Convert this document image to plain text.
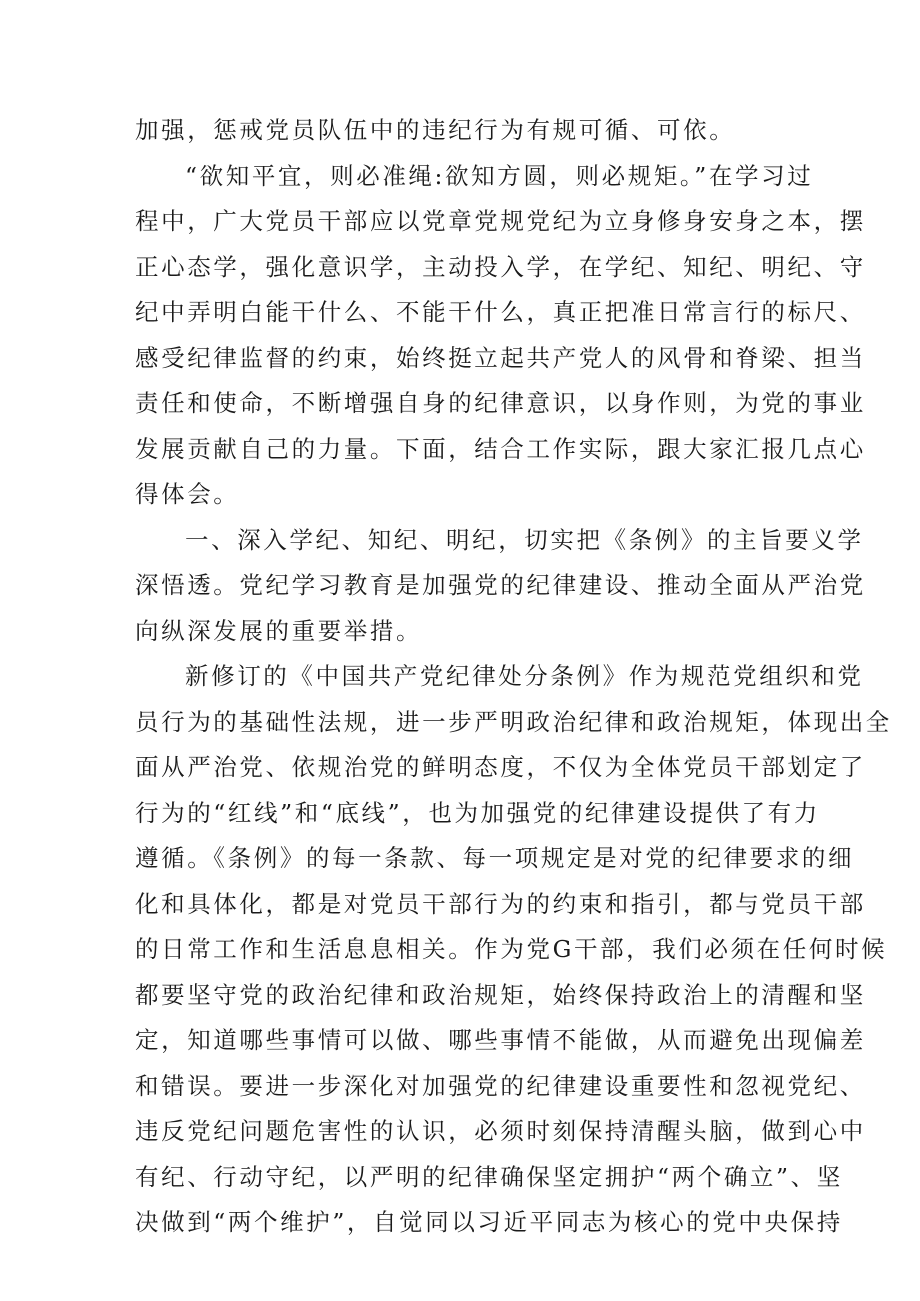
加强，惩戒党员队伍中的违纪行为有规可循、可依。
“欲知平宜，则必准绳:欲知方圆，则必规矩。”在学习过
程中，广大党员干部应以党章党规党纪为立身修身安身之本，摆
正心态学，强化意识学，主动投入学，在学纪、知纪、明纪、守
纪中弄明白能干什么、不能干什么，真正把准日常言行的标尺、
感受纪律监督的约束，始终挺立起共产党人的风骨和脊梁、担当
责任和使命，不断增强自身的纪律意识，以身作则，为党的事业
发展贡献自己的力量。下面，结合工作实际，跟大家汇报几点心
得体会。
一、深入学纪、知纪、明纪，切实把《条例》的主旨要义学
深悟透。党纪学习教育是加强党的纪律建设、推动全面从严治党
向纵深发展的重要举措。
新修订的《中国共产党纪律处分条例》作为规范党组织和党
员行为的基础性法规，进一步严明政治纪律和政治规矩，体现出全
面从严治党、依规治党的鲜明态度，不仅为全体党员干部划定了
行为的“红线”和“底线”，也为加强党的纪律建设提供了有力
遵循。《条例》的每一条款、每一项规定是对党的纪律要求的细
化和具体化，都是对党员干部行为的约束和指引，都与党员干部
的日常工作和生活息息相关。作为党G干部，我们必须在任何时候
都要坚守党的政治纪律和政治规矩，始终保持政治上的清醒和坚
定，知道哪些事情可以做、哪些事情不能做，从而避免出现偏差
和错误。要进一步深化对加强党的纪律建设重要性和忽视党纪、
违反党纪问题危害性的认识，必须时刻保持清醒头脑，做到心中
有纪、行动守纪，以严明的纪律确保坚定拥护“两个确立”、坚
决做到“两个维护”，自觉同以习近平同志为核心的党中央保持
